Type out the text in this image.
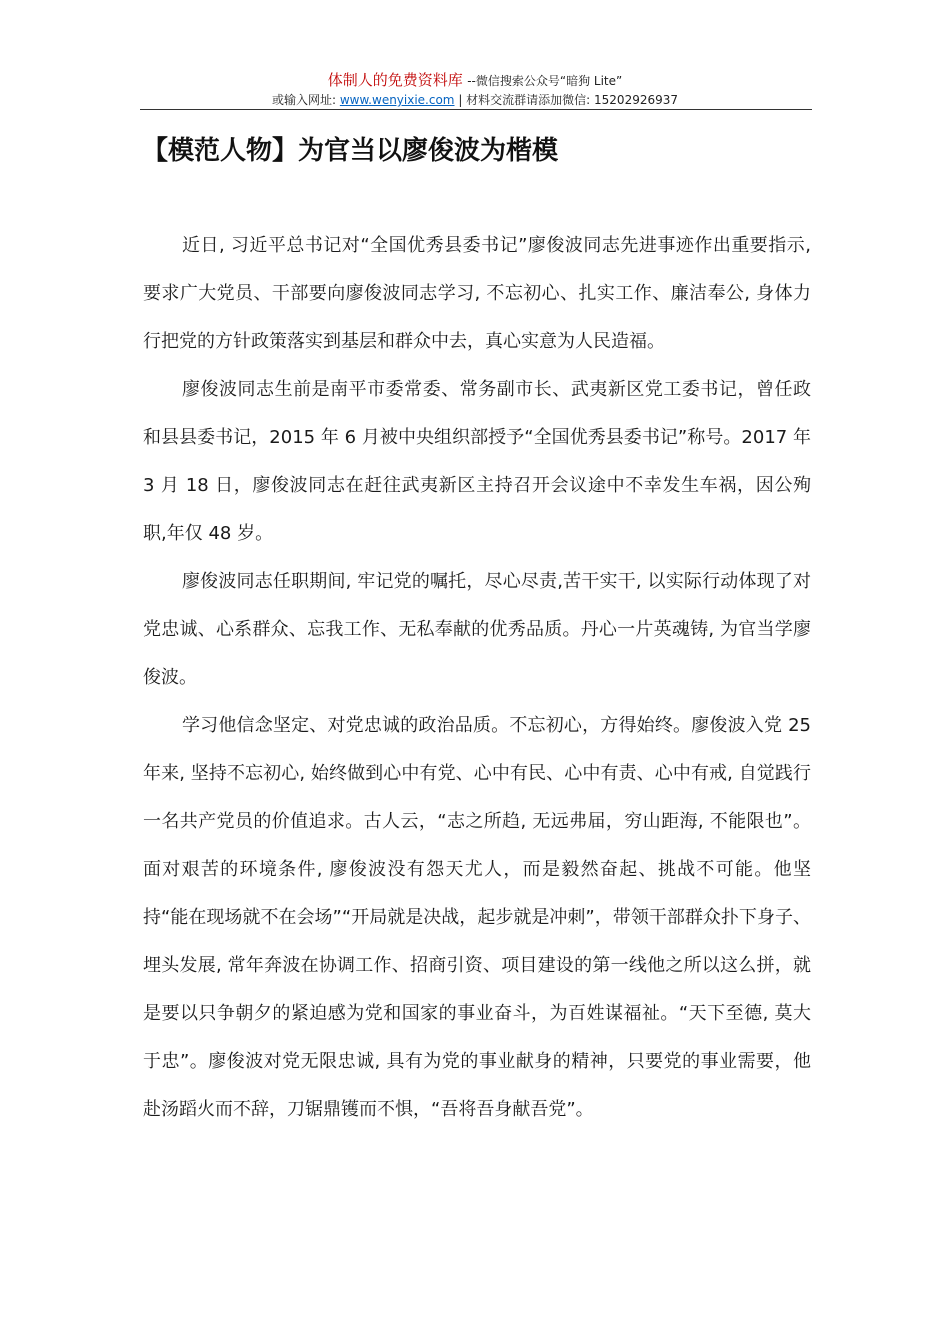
体制人的免费资料库 --微信搜索公众号“暗狗 Lite”
或输入网址: www.wenyixie.com | 材料交流群请添加微信: 15202926937
【模范人物】为官当以廖俊波为楷模

近日, 习近平总书记对“全国优秀县委书记”廖俊波同志先进事迹作出重要指示, 要求广大党员、干部要向廖俊波同志学习, 不忘初心、扎实工作、廉洁奉公, 身体力行把党的方针政策落实到基层和群众中去，真心实意为人民造福。

廖俊波同志生前是南平市委常委、常务副市长、武夷新区党工委书记，曾任政和县县委书记，2015 年 6 月被中央组织部授予“全国优秀县委书记”称号。2017 年 3 月 18 日，廖俊波同志在赶往武夷新区主持召开会议途中不幸发生车祸，因公殉职,年仅 48 岁。

廖俊波同志任职期间, 牢记党的嘱托，尽心尽责,苦干实干, 以实际行动体现了对党忠诚、心系群众、忘我工作、无私奉献的优秀品质。丹心一片英魂铸, 为官当学廖俊波。

学习他信念坚定、对党忠诚的政治品质。不忘初心，方得始终。廖俊波入党 25 年来, 坚持不忘初心, 始终做到心中有党、心中有民、心中有责、心中有戒, 自觉践行一名共产党员的价值追求。古人云，“志之所趋, 无远弗届，穷山距海, 不能限也”。面对艰苦的环境条件, 廖俊波没有怨天尤人，而是毅然奋起、挑战不可能。他坚持“能在现场就不在会场”“开局就是决战，起步就是冲刺”，带领干部群众扑下身子、埋头发展, 常年奔波在协调工作、招商引资、项目建设的第一线他之所以这么拼，就是要以只争朝夕的紧迫感为党和国家的事业奋斗，为百姓谋福祉。“天下至德, 莫大于忠”。廖俊波对党无限忠诚, 具有为党的事业献身的精神，只要党的事业需要，他赴汤蹈火而不辞，刀锯鼎镬而不惧，“吾将吾身献吾党”。
